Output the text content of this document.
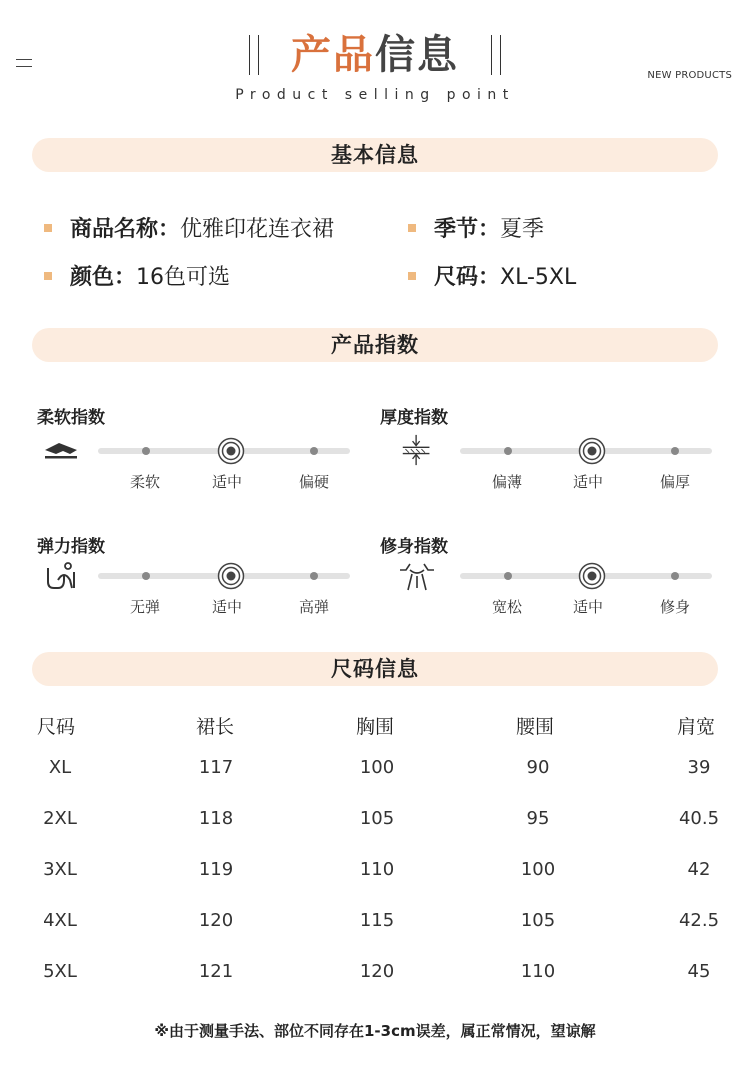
产品信息
Product selling point
NEW PRODUCTS
基本信息
商品名称：优雅印花连衣裙	季节：夏季
颜色：16色可选	尺码：XL-5XL
产品指数
柔软指数
柔软	适中	偏硬
厚度指数
偏薄	适中	偏厚
弹力指数
无弹	适中	高弹
修身指数
宽松	适中	修身
尺码信息
尺码	裙长	胸围	腰围	肩宽
XL	117	100	90	39
2XL	118	105	95	40.5
3XL	119	110	100	42
4XL	120	115	105	42.5
5XL	121	120	110	45
※由于测量手法、部位不同存在1-3cm误差，属正常情况，望谅解
